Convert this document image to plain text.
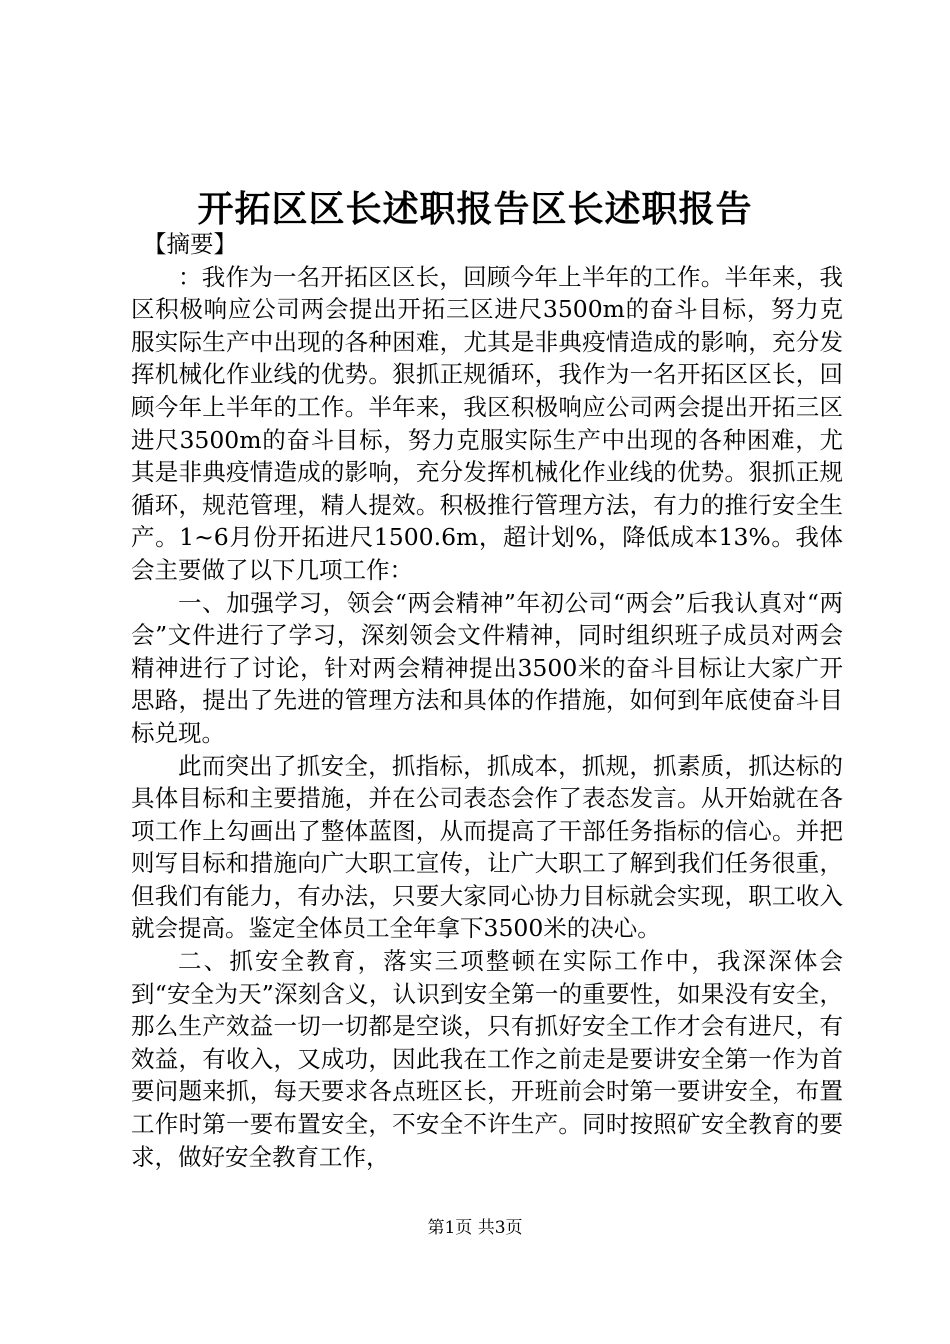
开拓区区长述职报告区长述职报告
【摘要】

：我作为一名开拓区区长，回顾今年上半年的工作。半年来，我区积极响应公司两会提出开拓三区进尺3500m的奋斗目标，努力克服实际生产中出现的各种困难，尤其是非典疫情造成的影响，充分发挥机械化作业线的优势。狠抓正规循环，我作为一名开拓区区长，回顾今年上半年的工作。半年来，我区积极响应公司两会提出开拓三区进尺3500m的奋斗目标，努力克服实际生产中出现的各种困难，尤其是非典疫情造成的影响，充分发挥机械化作业线的优势。狠抓正规循环，规范管理，精人提效。积极推行管理方法，有力的推行安全生产。1~6月份开拓进尺1500.6m，超计划%，降低成本13%。我体会主要做了以下几项工作：

一、加强学习，领会“两会精神”年初公司“两会”后我认真对“两会”文件进行了学习，深刻领会文件精神，同时组织班子成员对两会精神进行了讨论，针对两会精神提出3500米的奋斗目标让大家广开思路，提出了先进的管理方法和具体的作措施，如何到年底使奋斗目标兑现。

此而突出了抓安全，抓指标，抓成本，抓规，抓素质，抓达标的具体目标和主要措施，并在公司表态会作了表态发言。从开始就在各项工作上勾画出了整体蓝图，从而提高了干部任务指标的信心。并把则写目标和措施向广大职工宣传，让广大职工了解到我们任务很重，但我们有能力，有办法，只要大家同心协力目标就会实现，职工收入就会提高。鉴定全体员工全年拿下3500米的决心。

二、抓安全教育，落实三项整顿在实际工作中，我深深体会到“安全为天”深刻含义，认识到安全第一的重要性，如果没有安全，那么生产效益一切一切都是空谈，只有抓好安全工作才会有进尺，有效益，有收入，又成功，因此我在工作之前走是要讲安全第一作为首要问题来抓，每天要求各点班区长，开班前会时第一要讲安全，布置工作时第一要布置安全，不安全不许生产。同时按照矿安全教育的要求，做好安全教育工作，

第1页 共3页
